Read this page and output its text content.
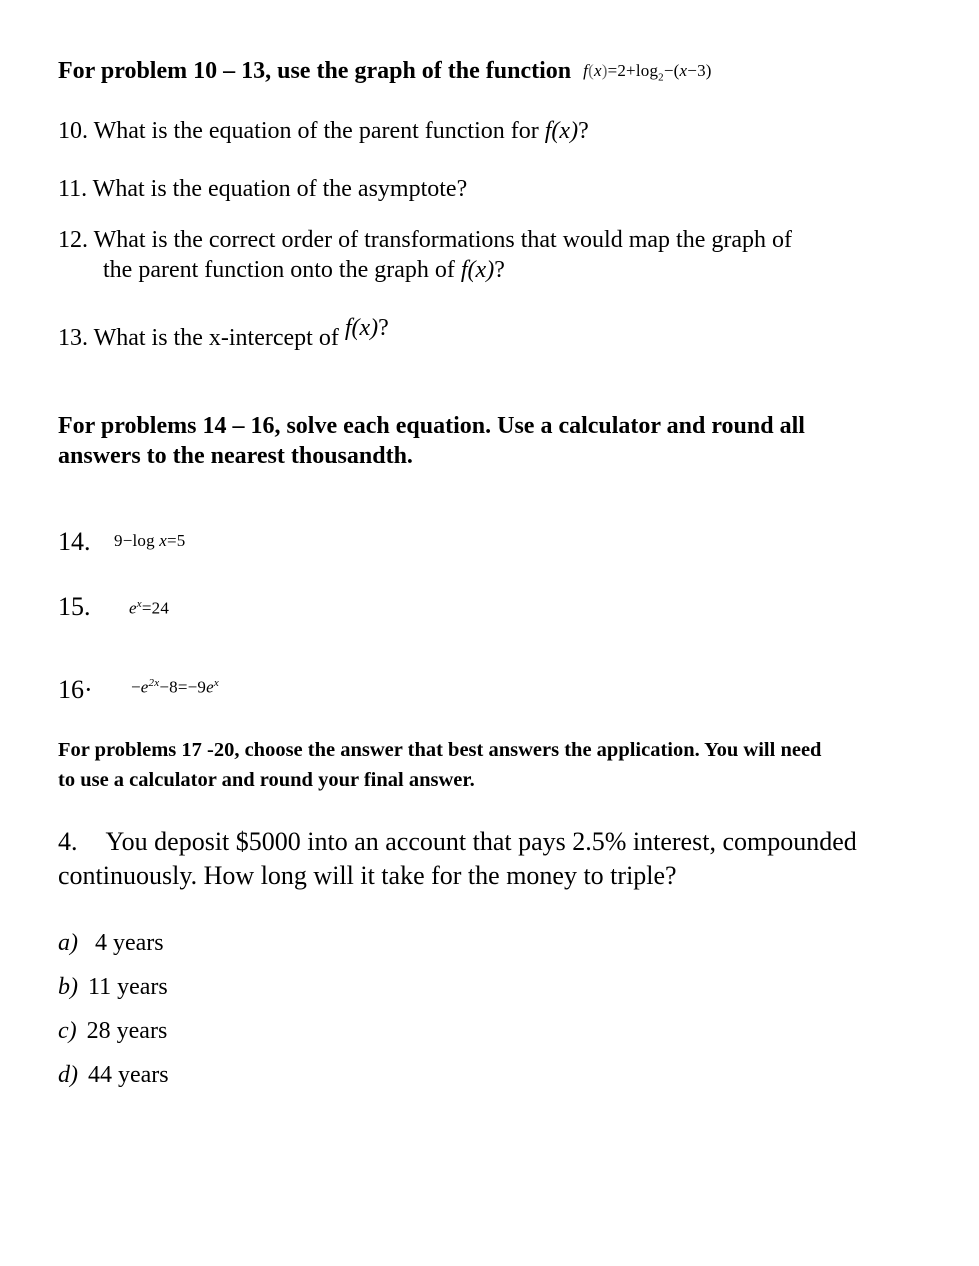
For problem 10 – 13, use the graph of the function $f(x)=2+\log_2-(x-3)$
10. What is the equation of the parent function for f(x)?
11. What is the equation of the asymptote?
12. What is the correct order of transformations that would map the graph of
the parent function onto the graph of f(x)?
13. What is the x-intercept of f(x)?
For problems 14 – 16, solve each equation. Use a calculator and round all
answers to the nearest thousandth.
14. 9−log x=5
15. $e^x=24$
$16\cdot -e^{2x}-8=-9e^x$
For problems 17 -20, choose the answer that best answers the application. You will need
to use a calculator and round your final answer.
4. You deposit $5000 into an account that pays 2.5% interest, compounded
continuously. How long will it take for the money to triple?
a) 4 years
b) 11 years
c) 28 years
d) 44 years
